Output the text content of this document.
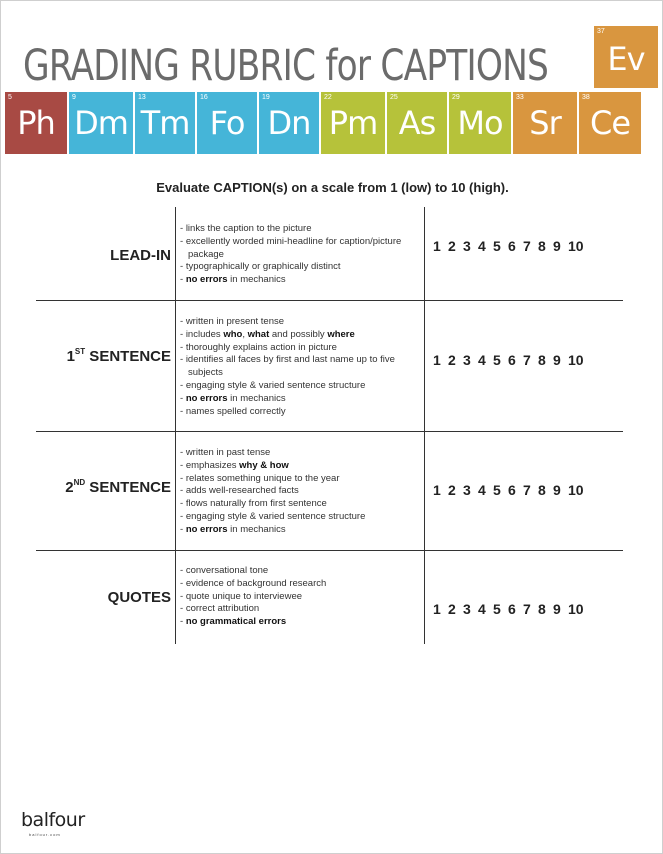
GRADING RUBRIC for CAPTIONS
37
Ev
5
Ph
9
Dm
13
Tm
16
Fo
19
Dn
22
Pm
25
As
29
Mo
33
Sr
38
Ce
Evaluate CAPTION(s) on a scale from 1 (low) to 10 (high).
LEAD-IN
- links the caption to the picture
- excellently worded mini-headline for caption/picture package
- typographically or graphically distinct
- no errors in mechanics
1 2 3 4 5 6 7 8 9 10
1ST SENTENCE
- written in present tense
- includes who, what and possibly where
- thoroughly explains action in picture
- identifies all faces by first and last name up to five subjects
- engaging style & varied sentence structure
- no errors in mechanics
- names spelled correctly
1 2 3 4 5 6 7 8 9 10
2ND SENTENCE
- written in past tense
- emphasizes why & how
- relates something unique to the year
- adds well-researched facts
- flows naturally from first sentence
- engaging style & varied sentence structure
- no errors in mechanics
1 2 3 4 5 6 7 8 9 10
QUOTES
- conversational tone
- evidence of background research
- quote unique to interviewee
- correct attribution
- no grammatical errors
1 2 3 4 5 6 7 8 9 10
balfour
balfour.com
